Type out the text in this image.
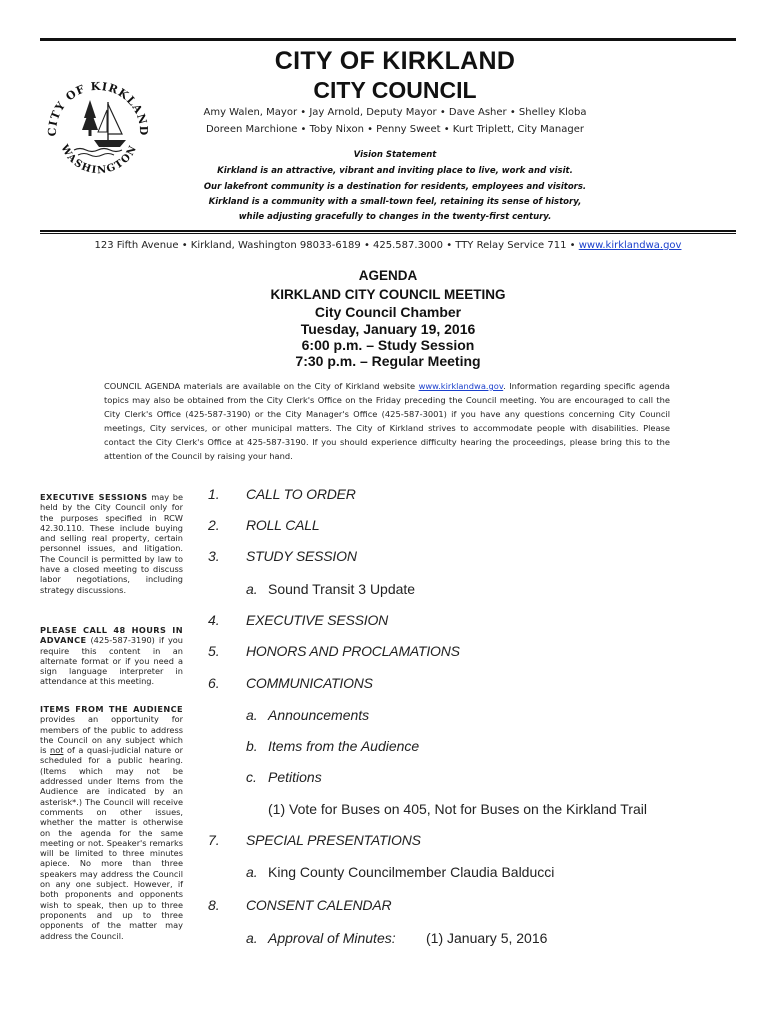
CITY OF KIRKLAND
WASHINGTON
CITY OF KIRKLAND
CITY COUNCIL
Amy Walen, Mayor • Jay Arnold, Deputy Mayor • Dave Asher • Shelley Kloba
Doreen Marchione • Toby Nixon • Penny Sweet • Kurt Triplett, City Manager
Vision Statement
Kirkland is an attractive, vibrant and inviting place to live, work and visit.
Our lakefront community is a destination for residents, employees and visitors.
Kirkland is a community with a small-town feel, retaining its sense of history,
while adjusting gracefully to changes in the twenty-first century.
123 Fifth Avenue • Kirkland, Washington 98033-6189 • 425.587.3000 • TTY Relay Service 711 • www.kirklandwa.gov
AGENDA
KIRKLAND CITY COUNCIL MEETING
City Council Chamber
Tuesday, January 19, 2016
6:00 p.m. – Study Session
7:30 p.m. – Regular Meeting
COUNCIL AGENDA materials are available on the City of Kirkland website www.kirklandwa.gov. Information regarding specific agenda topics may also be obtained from the City Clerk's Office on the Friday preceding the Council meeting. You are encouraged to call the City Clerk's Office (425-587-3190) or the City Manager's Office (425-587-3001) if you have any questions concerning City Council meetings, City services, or other municipal matters. The City of Kirkland strives to accommodate people with disabilities. Please contact the City Clerk's Office at 425-587-3190. If you should experience difficulty hearing the proceedings, please bring this to the attention of the Council by raising your hand.
EXECUTIVE SESSIONS may be held by the City Council only for the purposes specified in RCW 42.30.110. These include buying and selling real property, certain personnel issues, and litigation. The Council is permitted by law to have a closed meeting to discuss labor negotiations, including strategy discussions.
PLEASE CALL 48 HOURS IN ADVANCE (425-587-3190) if you require this content in an alternate format or if you need a sign language interpreter in attendance at this meeting.
ITEMS FROM THE AUDIENCE provides an opportunity for members of the public to address the Council on any subject which is not of a quasi-judicial nature or scheduled for a public hearing. (Items which may not be addressed under Items from the Audience are indicated by an asterisk*.) The Council will receive comments on other issues, whether the matter is otherwise on the agenda for the same meeting or not. Speaker's remarks will be limited to three minutes apiece. No more than three speakers may address the Council on any one subject. However, if both proponents and opponents wish to speak, then up to three proponents and up to three opponents of the matter may address the Council.
1. CALL TO ORDER
2. ROLL CALL
3. STUDY SESSION
a. Sound Transit 3 Update
4. EXECUTIVE SESSION
5. HONORS AND PROCLAMATIONS
6. COMMUNICATIONS
a. Announcements
b. Items from the Audience
c. Petitions
(1) Vote for Buses on 405, Not for Buses on the Kirkland Trail
7. SPECIAL PRESENTATIONS
a. King County Councilmember Claudia Balducci
8. CONSENT CALENDAR
a. Approval of Minutes: (1) January 5, 2016
